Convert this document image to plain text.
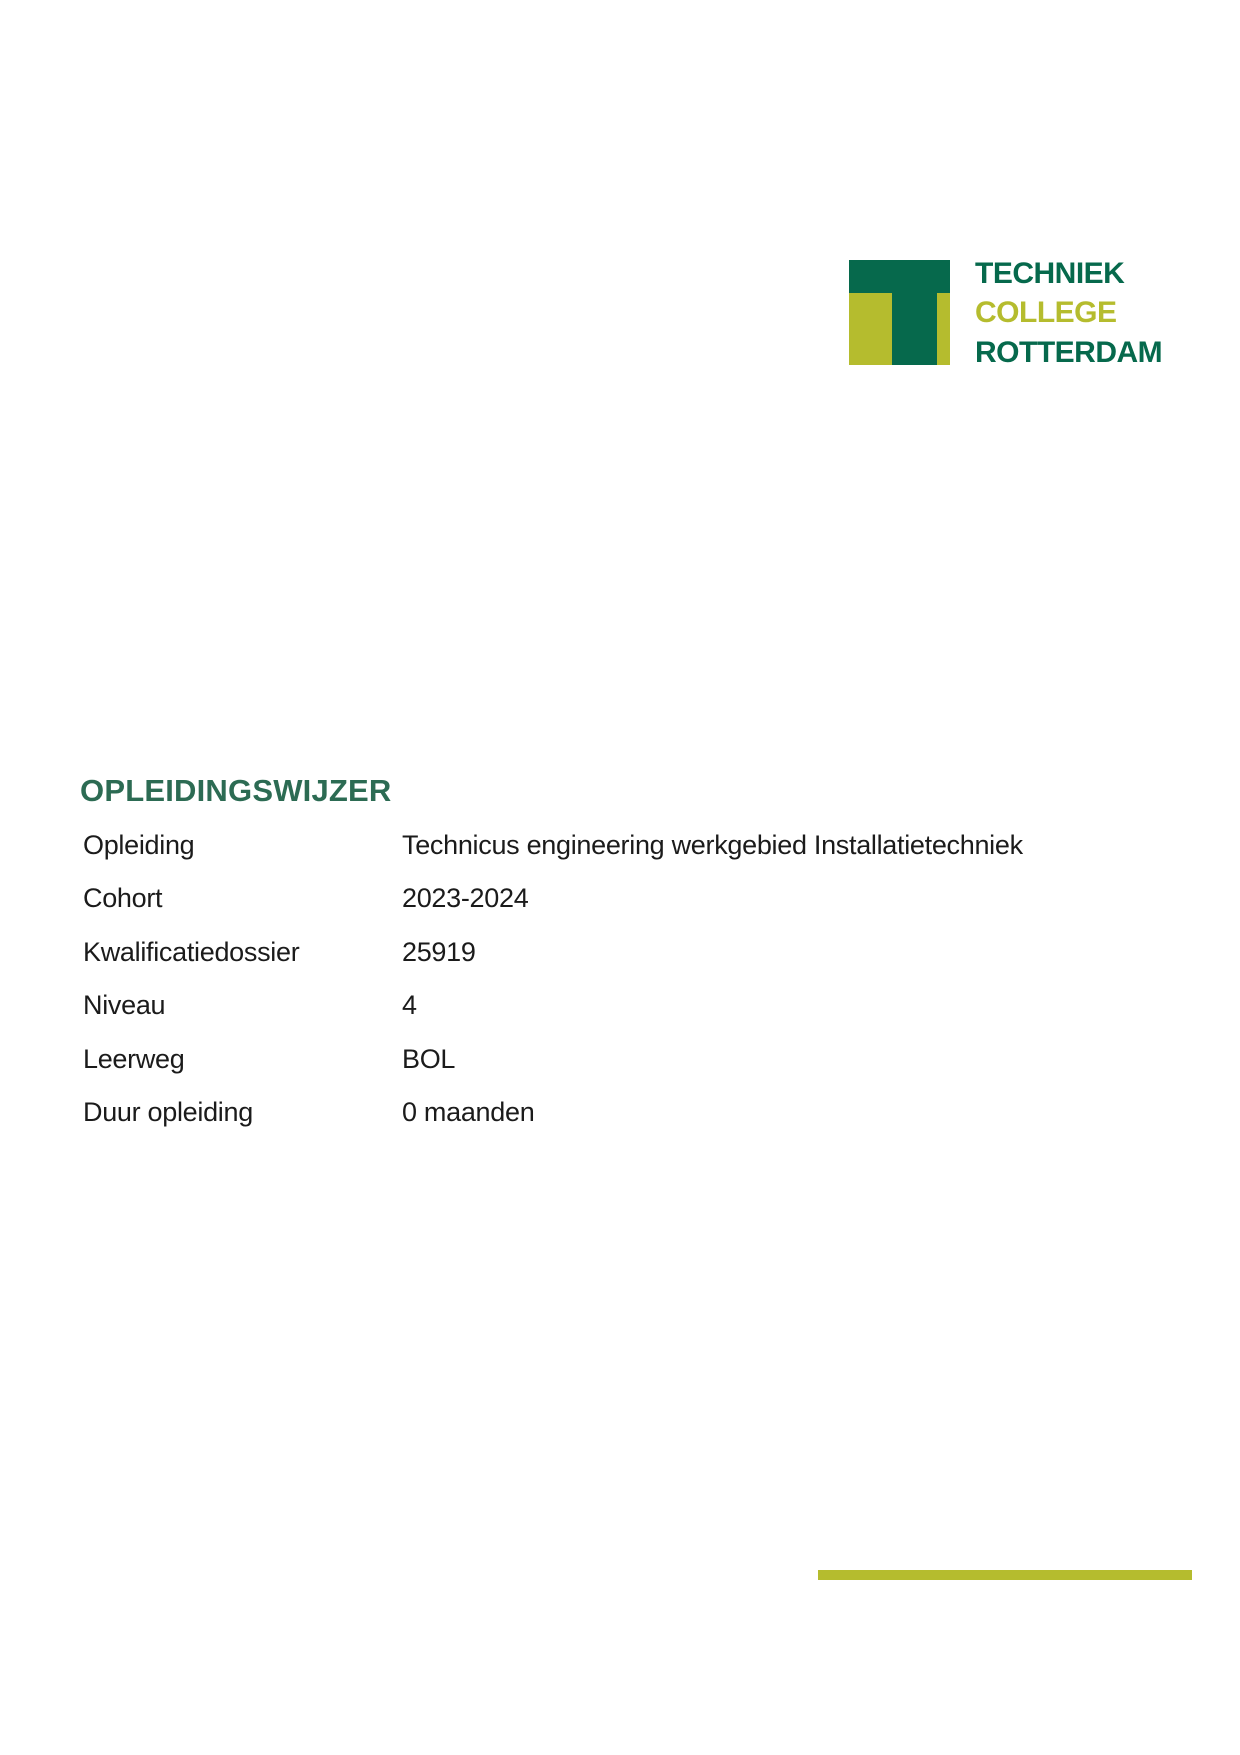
TECHNIEK
COLLEGE
ROTTERDAM
OPLEIDINGSWIJZER
Opleiding	Technicus engineering werkgebied Installatietechniek
Cohort	2023-2024
Kwalificatiedossier	25919
Niveau	4
Leerweg	BOL
Duur opleiding	0 maanden
